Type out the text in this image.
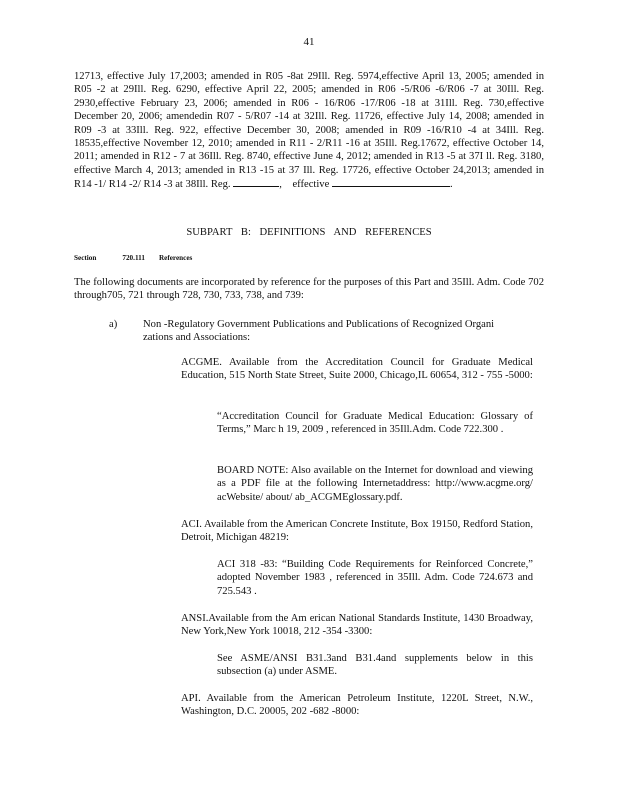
41
12713, effective July 17,2003; amended in R05 -8at 29Ill. Reg. 5974,effective April 13, 2005; amended in R05 -2 at 29Ill. Reg. 6290, effective April 22, 2005; amended in R06 -5/R06 -6/R06 -7 at 30Ill. Reg. 2930,effective February 23, 2006; amended in R06 - 16/R06 -17/R06 -18 at 31Ill. Reg. 730,effective December 20, 2006; amendedin R07 - 5/R07 -14 at 32Ill. Reg. 11726, effective July 14, 2008; amended in R09 -3 at 33Ill. Reg. 922, effective December 30, 2008; amended in R09 -16/R10 -4 at 34Ill. Reg. 18535,effective November 12, 2010; amended in R11 - 2/R11 -16 at 35Ill. Reg.17672, effective October 14, 2011; amended in R12 - 7 at 36Ill. Reg. 8740, effective June 4, 2012; amended in R13 -5 at 37I ll. Reg. 3180, effective March 4, 2013; amended in R13 -15 at 37 Ill. Reg. 17726, effective October 24,2013; amended in R14 -1/ R14 -2/ R14 -3 at 38Ill. Reg.	, effective	.
SUBPART B: DEFINITIONS AND REFERENCES
Section	720.111 References
The following documents are incorporated by reference for the purposes of this Part and 35Ill. Adm. Code 702 through705, 721 through 728, 730, 733, 738, and 739:
a) Non -Regulatory Government Publications and Publications of Recognized Organi zations and Associations:
ACGME. Available from the Accreditation Council for Graduate Medical Education, 515 North State Street, Suite 2000, Chicago,IL 60654, 312 - 755 -5000:
“Accreditation Council for Graduate Medical Education: Glossary of Terms,” Marc h 19, 2009 , referenced in 35Ill.Adm. Code 722.300 .
BOARD NOTE: Also available on the Internet for download and viewing as a PDF file at the following Internetaddress: http://www.acgme.org/ acWebsite/ about/ ab_ACGMEglossary.pdf.
ACI. Available from the American Concrete Institute, Box 19150, Redford Station, Detroit, Michigan 48219:
ACI 318 -83: “Building Code Requirements for Reinforced Concrete,” adopted November 1983 , referenced in 35Ill. Adm. Code 724.673 and 725.543 .
ANSI.Available from the Am erican National Standards Institute, 1430 Broadway, New York,New York 10018, 212 -354 -3300:
See ASME/ANSI B31.3and B31.4and supplements below in this subsection (a) under ASME.
API. Available from the American Petroleum Institute, 1220L Street, N.W., Washington, D.C. 20005, 202 -682 -8000:
